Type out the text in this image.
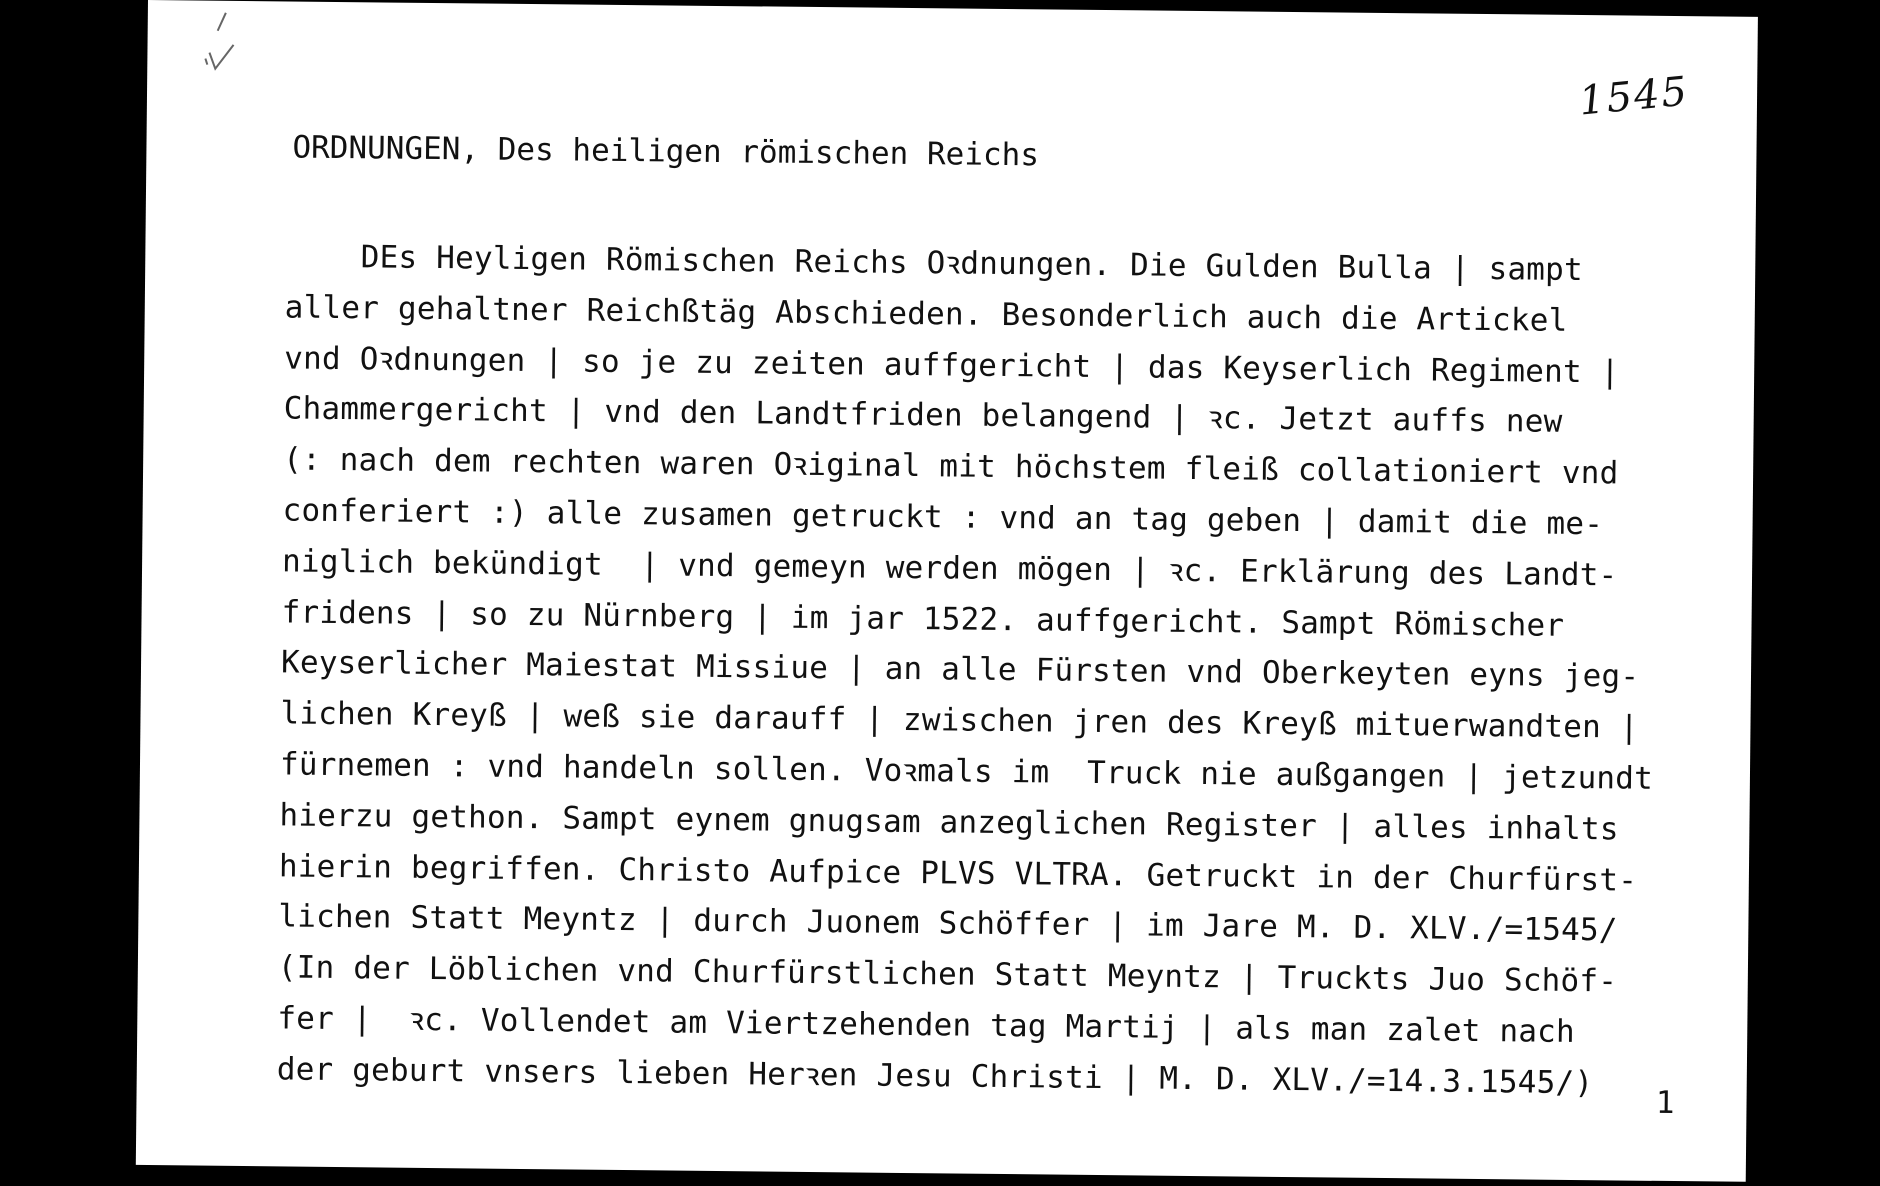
1545
ORDNUNGEN, Des heiligen römischen Reichs
DEs Heyligen Römischen Reichs Oꝛdnungen. Die Gulden Bulla | sampt
aller gehaltner Reichßtäg Abschieden. Besonderlich auch die Artickel
vnd Oꝛdnungen | so je zu zeiten auffgericht | das Keyserlich Regiment |
Chammergericht | vnd den Landtfriden belangend | ꝛc. Jetzt auffs new
(: nach dem rechten waren Oꝛiginal mit höchstem fleiß collationiert vnd
conferiert :) alle zusamen getruckt : vnd an tag geben | damit die me-
niglich bekündigt  | vnd gemeyn werden mögen | ꝛc. Erklärung des Landt-
fridens | so zu Nürnberg | im jar 1522. auffgericht. Sampt Römischer
Keyserlicher Maiestat Missiue | an alle Fürsten vnd Oberkeyten eyns jeg-
lichen Kreyß | weß sie darauff | zwischen jren des Kreyß mituerwandten |
fürnemen : vnd handeln sollen. Voꝛmals im  Truck nie außgangen | jetzundt
hierzu gethon. Sampt eynem gnugsam anzeglichen Register | alles inhalts
hierin begriffen. Christo Aufpice PLVS VLTRA. Getruckt in der Churfürst-
lichen Statt Meyntz | durch Juonem Schöffer | im Jare M. D. XLV./=1545/
(In der Löblichen vnd Churfürstlichen Statt Meyntz | Truckts Juo Schöf-
fer |  ꝛc. Vollendet am Viertzehenden tag Martij | als man zalet nach
der geburt vnsers lieben Herꝛen Jesu Christi | M. D. XLV./=14.3.1545/)
1
